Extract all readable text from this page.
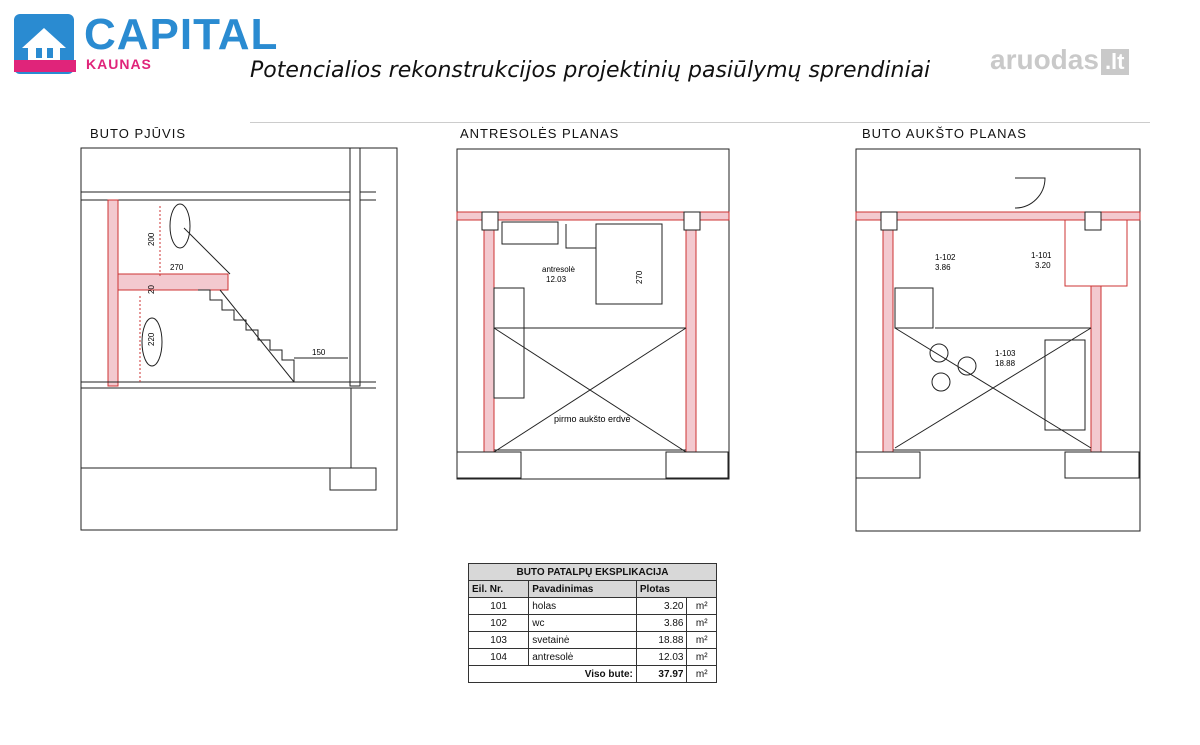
CAPITAL
KAUNAS	Potencialios rekonstrukcijos projektinių pasiūlymų sprendiniai aruodas .lt
BUTO PJŪVIS	ANTRESOLĖS PLANAS	BUTO AUKŠTO PLANAS
200
270
20
220
150
antresolė
12.03	270
pirmo aukšto erdvė
1-101
3.20
1-102
3.86
1-103
18.88
BUTO PATALPŲ EKSPLIKACIJA			
Eil. Nr.	Pavadinimas	Plotas	
101	holas	3.20	m²
102	wc	3.86	m²
103	svetainė	18.88	m²
104	antresolė	12.03	m²
Viso bute:		37.97	m²
